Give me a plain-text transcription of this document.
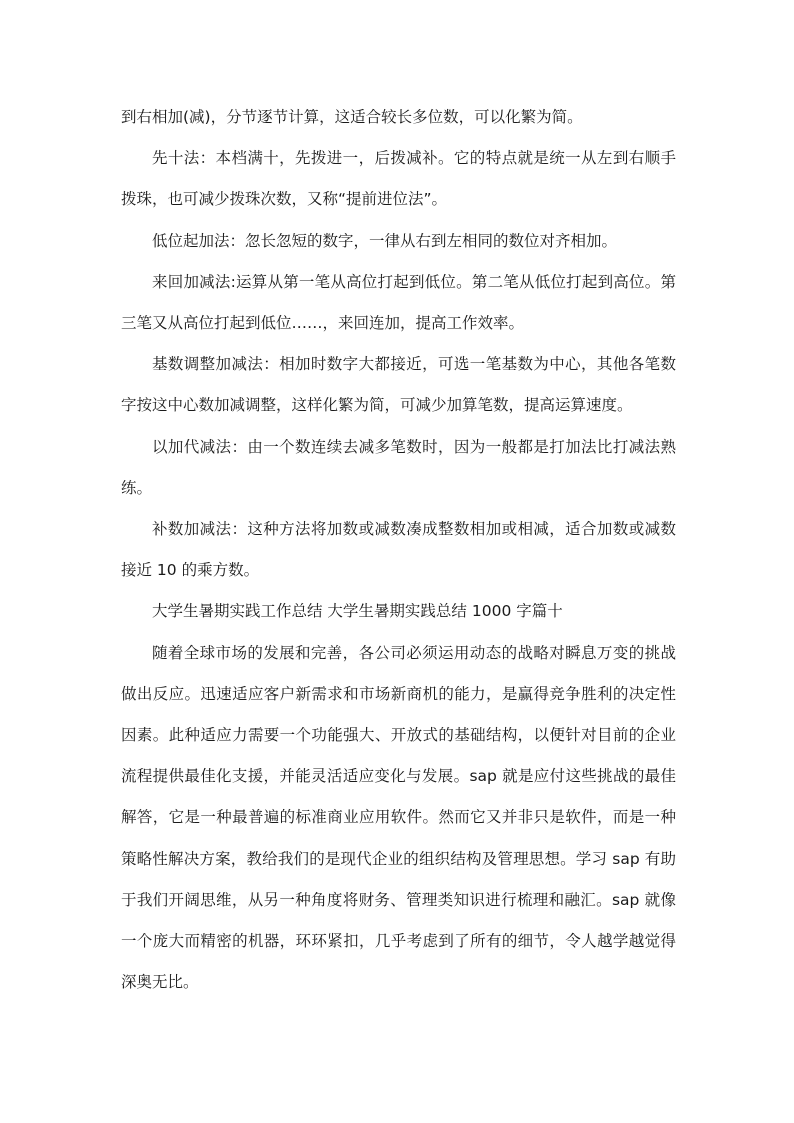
到右相加(减)，分节逐节计算，这适合较长多位数，可以化繁为简。

先十法：本档满十，先拨进一，后拨减补。它的特点就是统一从左到右顺手拨珠，也可减少拨珠次数，又称“提前进位法”。

低位起加法：忽长忽短的数字，一律从右到左相同的数位对齐相加。

来回加减法:运算从第一笔从高位打起到低位。第二笔从低位打起到高位。第三笔又从高位打起到低位……，来回连加，提高工作效率。

基数调整加减法：相加时数字大都接近，可选一笔基数为中心，其他各笔数字按这中心数加减调整，这样化繁为简，可减少加算笔数，提高运算速度。

以加代减法：由一个数连续去减多笔数时，因为一般都是打加法比打减法熟练。

补数加减法：这种方法将加数或减数凑成整数相加或相减，适合加数或减数接近 10 的乘方数。

大学生暑期实践工作总结 大学生暑期实践总结 1000 字篇十

随着全球市场的发展和完善，各公司必须运用动态的战略对瞬息万变的挑战做出反应。迅速适应客户新需求和市场新商机的能力，是赢得竞争胜利的决定性因素。此种适应力需要一个功能强大、开放式的基础结构，以便针对目前的企业流程提供最佳化支援，并能灵活适应变化与发展。sap 就是应付这些挑战的最佳解答，它是一种最普遍的标准商业应用软件。然而它又并非只是软件，而是一种策略性解决方案，教给我们的是现代企业的组织结构及管理思想。学习 sap 有助于我们开阔思维，从另一种角度将财务、管理类知识进行梳理和融汇。sap 就像一个庞大而精密的机器，环环紧扣，几乎考虑到了所有的细节，令人越学越觉得深奥无比。
